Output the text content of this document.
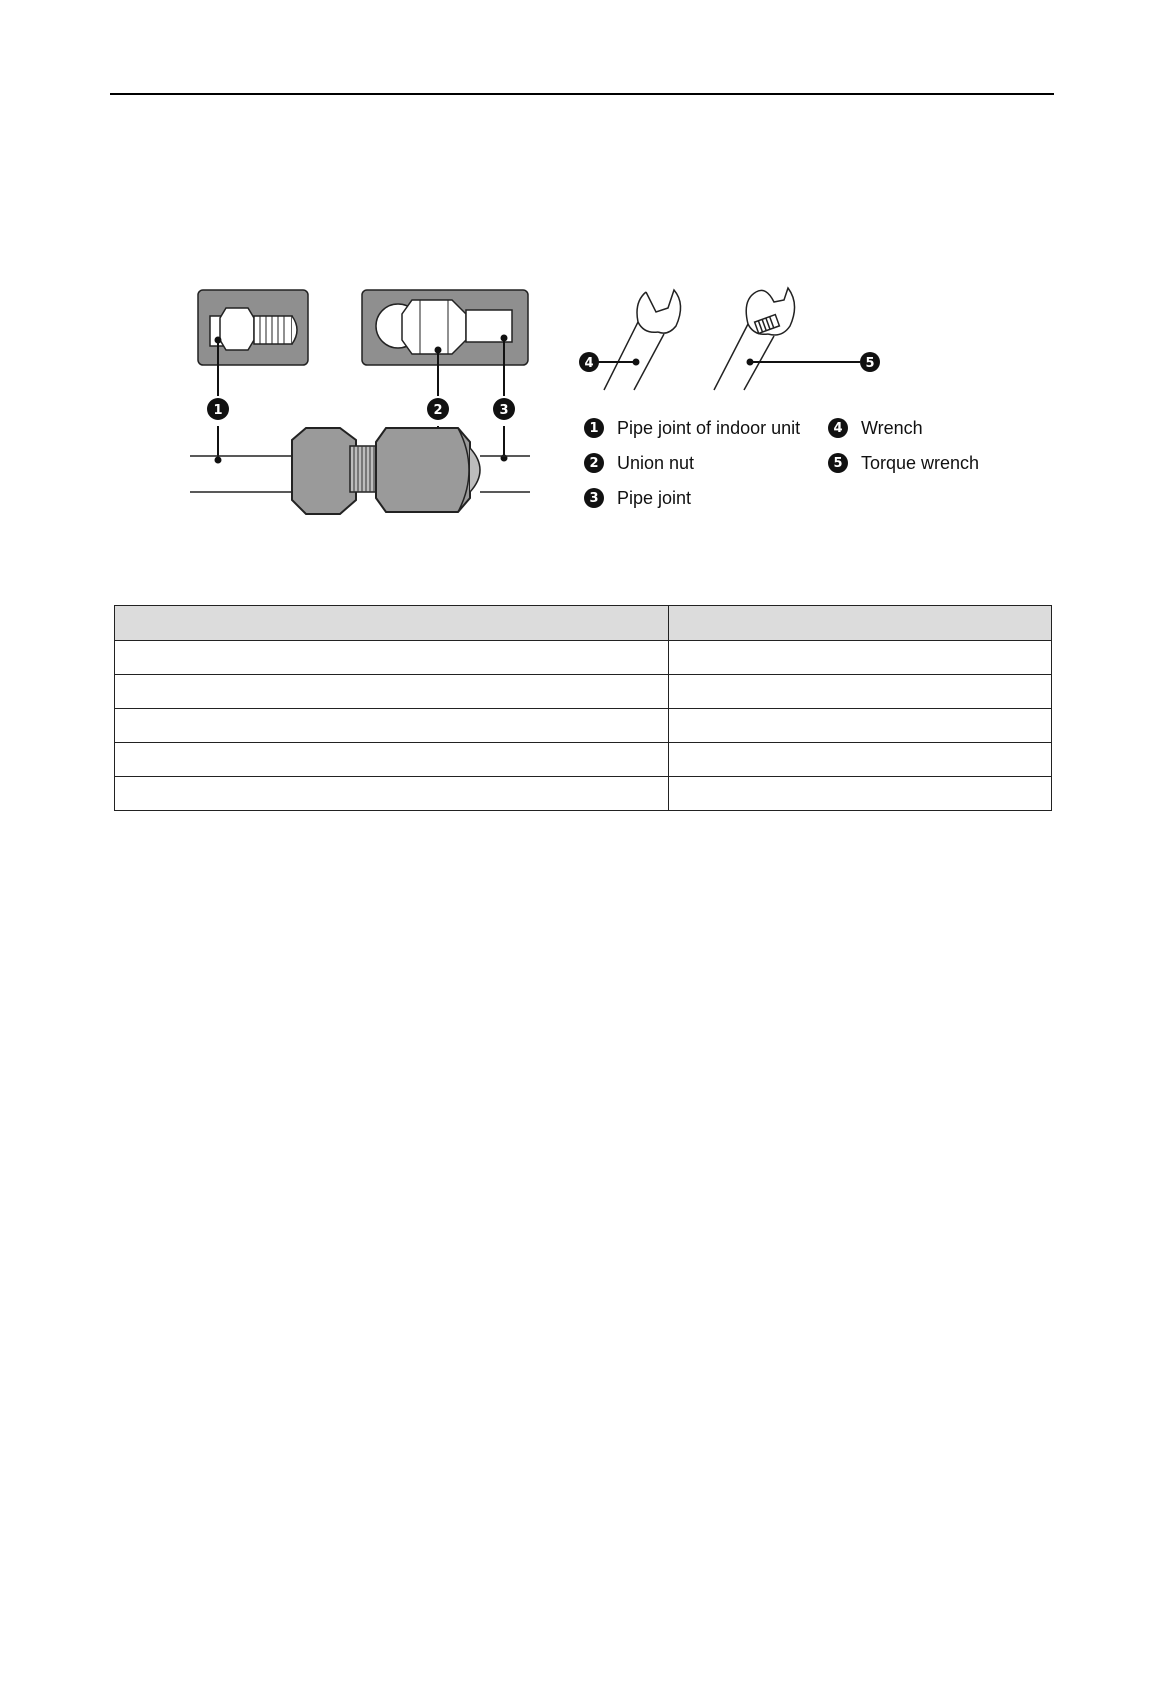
1	2	3
4	5
1	Pipe joint of indoor unit
2	Union nut
3	Pipe joint
4	Wrench
5	Torque wrench
